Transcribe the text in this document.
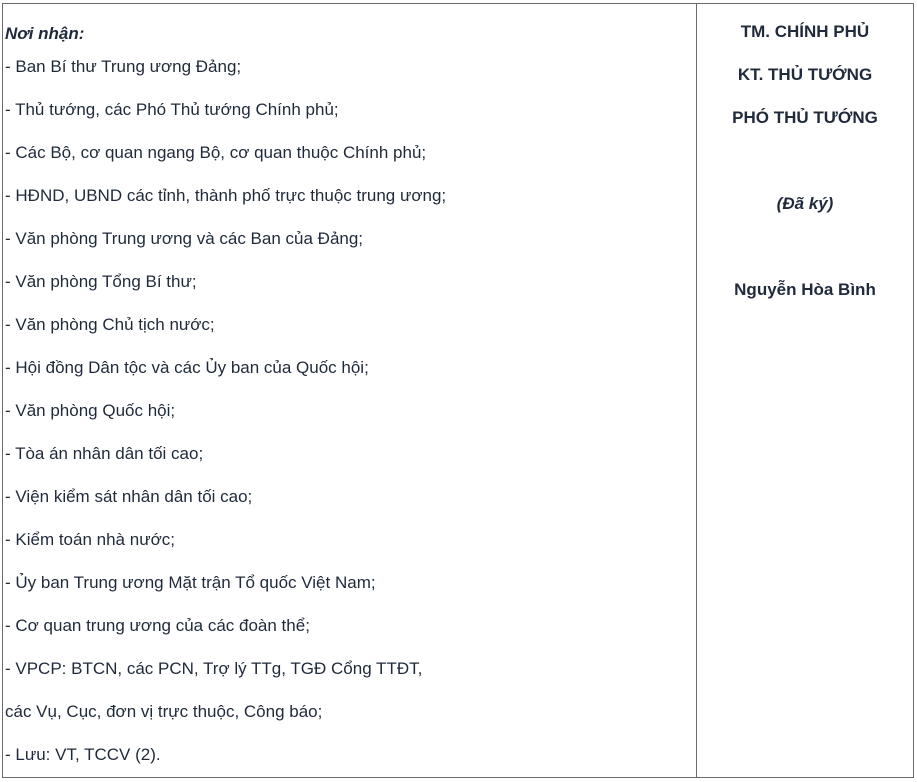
Nơi nhận:
- Ban Bí thư Trung ương Đảng;
- Thủ tướng, các Phó Thủ tướng Chính phủ;
- Các Bộ, cơ quan ngang Bộ, cơ quan thuộc Chính phủ;
- HĐND, UBND các tỉnh, thành phố trực thuộc trung ương;
- Văn phòng Trung ương và các Ban của Đảng;
- Văn phòng Tổng Bí thư;
- Văn phòng Chủ tịch nước;
- Hội đồng Dân tộc và các Ủy ban của Quốc hội;
- Văn phòng Quốc hội;
- Tòa án nhân dân tối cao;
- Viện kiểm sát nhân dân tối cao;
- Kiểm toán nhà nước;
- Ủy ban Trung ương Mặt trận Tổ quốc Việt Nam;
- Cơ quan trung ương của các đoàn thể;
- VPCP: BTCN, các PCN, Trợ lý TTg, TGĐ Cổng TTĐT,
các Vụ, Cục, đơn vị trực thuộc, Công báo;
- Lưu: VT, TCCV (2).
TM. CHÍNH PHỦ
KT. THỦ TƯỚNG
PHÓ THỦ TƯỚNG
(Đã ký)
Nguyễn Hòa Bình
